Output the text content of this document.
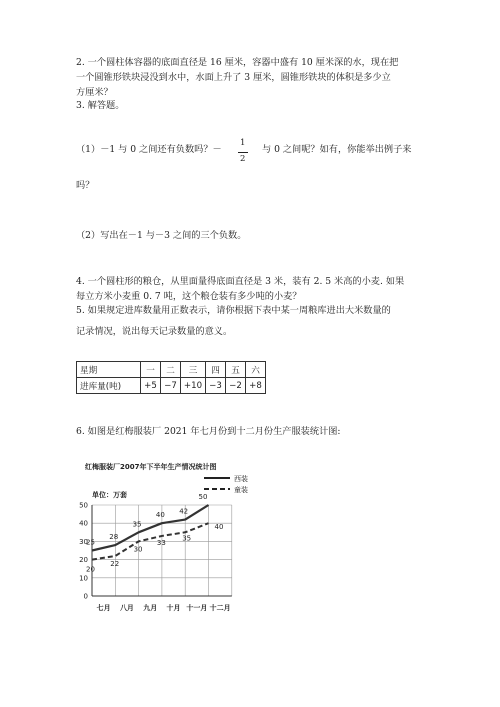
2. 一个圆柱体容器的底面直径是 16 厘米，容器中盛有 10 厘米深的水，现在把
一个圆锥形铁块浸没到水中，水面上升了 3 厘米，圆锥形铁块的体积是多少立
方厘米？
3. 解答题。
（1）－1 与 0 之间还有负数吗？－
1
2
与 0 之间呢？如有，你能举出例子来
吗？
（2）写出在－1 与－3 之间的三个负数。
4. 一个圆柱形的粮仓，从里面量得底面直径是 3 米，装有 2. 5 米高的小麦. 如果
每立方米小麦重 0. 7 吨，这个粮仓装有多少吨的小麦？
5. 如果规定进库数量用正数表示，请你根据下表中某一周粮库进出大米数量的
记录情况，说出每天记录数量的意义。
星期	一	二	三	四	五	六
进库量(吨)	+5	−7	+10	−3	−2	+8
6. 如图是红梅服装厂 2021 年七月份到十二月份生产服装统计图:
红梅服装厂2007年下半年生产情况统计图
单位：万套
西装
童装
0
10
20
30
40
50
七月 八月 九月 十月 十一月 十二月
25
28
35
40 42
50
20
22
30
33
35
40
